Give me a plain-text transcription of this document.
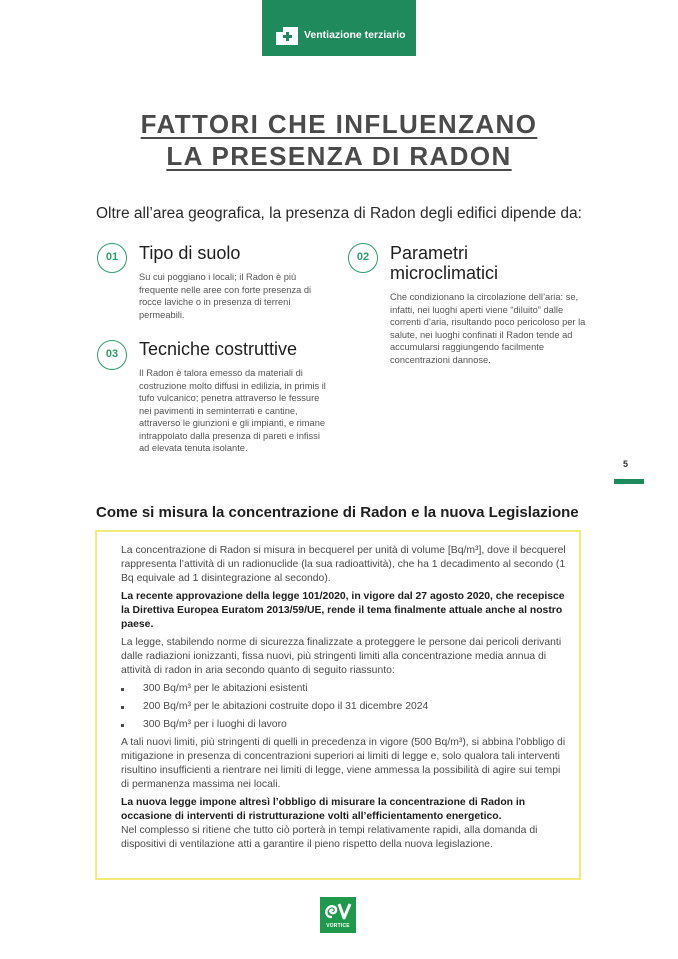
Ventiazione terziario
FATTORI CHE INFLUENZANO
LA PRESENZA DI RADON

Oltre all’area geografica, la presenza di Radon degli edifici dipende da:

01	Tipo di suolo
Su cui poggiano i locali; il Radon è più frequente nelle aree con forte presenza di rocce laviche o in presenza di terreni permeabili.
02	Parametri microclimatici
Che condizionano la circolazione dell’aria: se, infatti, nei luoghi aperti viene “diluito” dalle correnti d’aria, risultando poco pericoloso per la salute, nei luoghi confinati il Radon tende ad accumularsi raggiungendo facilmente concentrazioni dannose.
03	Tecniche costruttive
Il Radon è talora emesso da materiali di costruzione molto diffusi in edilizia, in primis il tufo vulcanico; penetra attraverso le fessure nei pavimenti in seminterrati e cantine, attraverso le giunzioni e gli impianti, e rimane intrappolato dalla presenza di pareti e infissi ad elevata tenuta isolante.
5
Come si misura la concentrazione di Radon e la nuova Legislazione

La concentrazione di Radon si misura in becquerel per unità di volume [Bq/m³], dove il becquerel rappresenta l’attività di un radionuclide (la sua radioattività), che ha 1 decadimento al secondo (1 Bq equivale ad 1 disintegrazione al secondo).

La recente approvazione della legge 101/2020, in vigore dal 27 agosto 2020, che recepisce la Direttiva Europea Euratom 2013/59/UE, rende il tema finalmente attuale anche al nostro paese.

La legge, stabilendo norme di sicurezza finalizzate a proteggere le persone dai pericoli derivanti dalle radiazioni ionizzanti, fissa nuovi, più stringenti limiti alla concentrazione media annua di attività di radon in aria secondo quanto di seguito riassunto:

300 Bq/m³ per le abitazioni esistenti
200 Bq/m³ per le abitazioni costruite dopo il 31 dicembre 2024
300 Bq/m³ per i luoghi di lavoro

A tali nuovi limiti, più stringenti di quelli in precedenza in vigore (500 Bq/m³), si abbina l’obbligo di mitigazione in presenza di concentrazioni superiori ai limiti di legge e, solo qualora tali interventi risultino insufficienti a rientrare nei limiti di legge, viene ammessa la possibilità di agire sui tempi di permanenza massima nei locali.

La nuova legge impone altresì l’obbligo di misurare la concentrazione di Radon in occasione di interventi di ristrutturazione volti all’efficientamento energetico.

Nel complesso si ritiene che tutto ciò porterà in tempi relativamente rapidi, alla domanda di dispositivi di ventilazione atti a garantire il pieno rispetto della nuova legislazione.

VORTICE
